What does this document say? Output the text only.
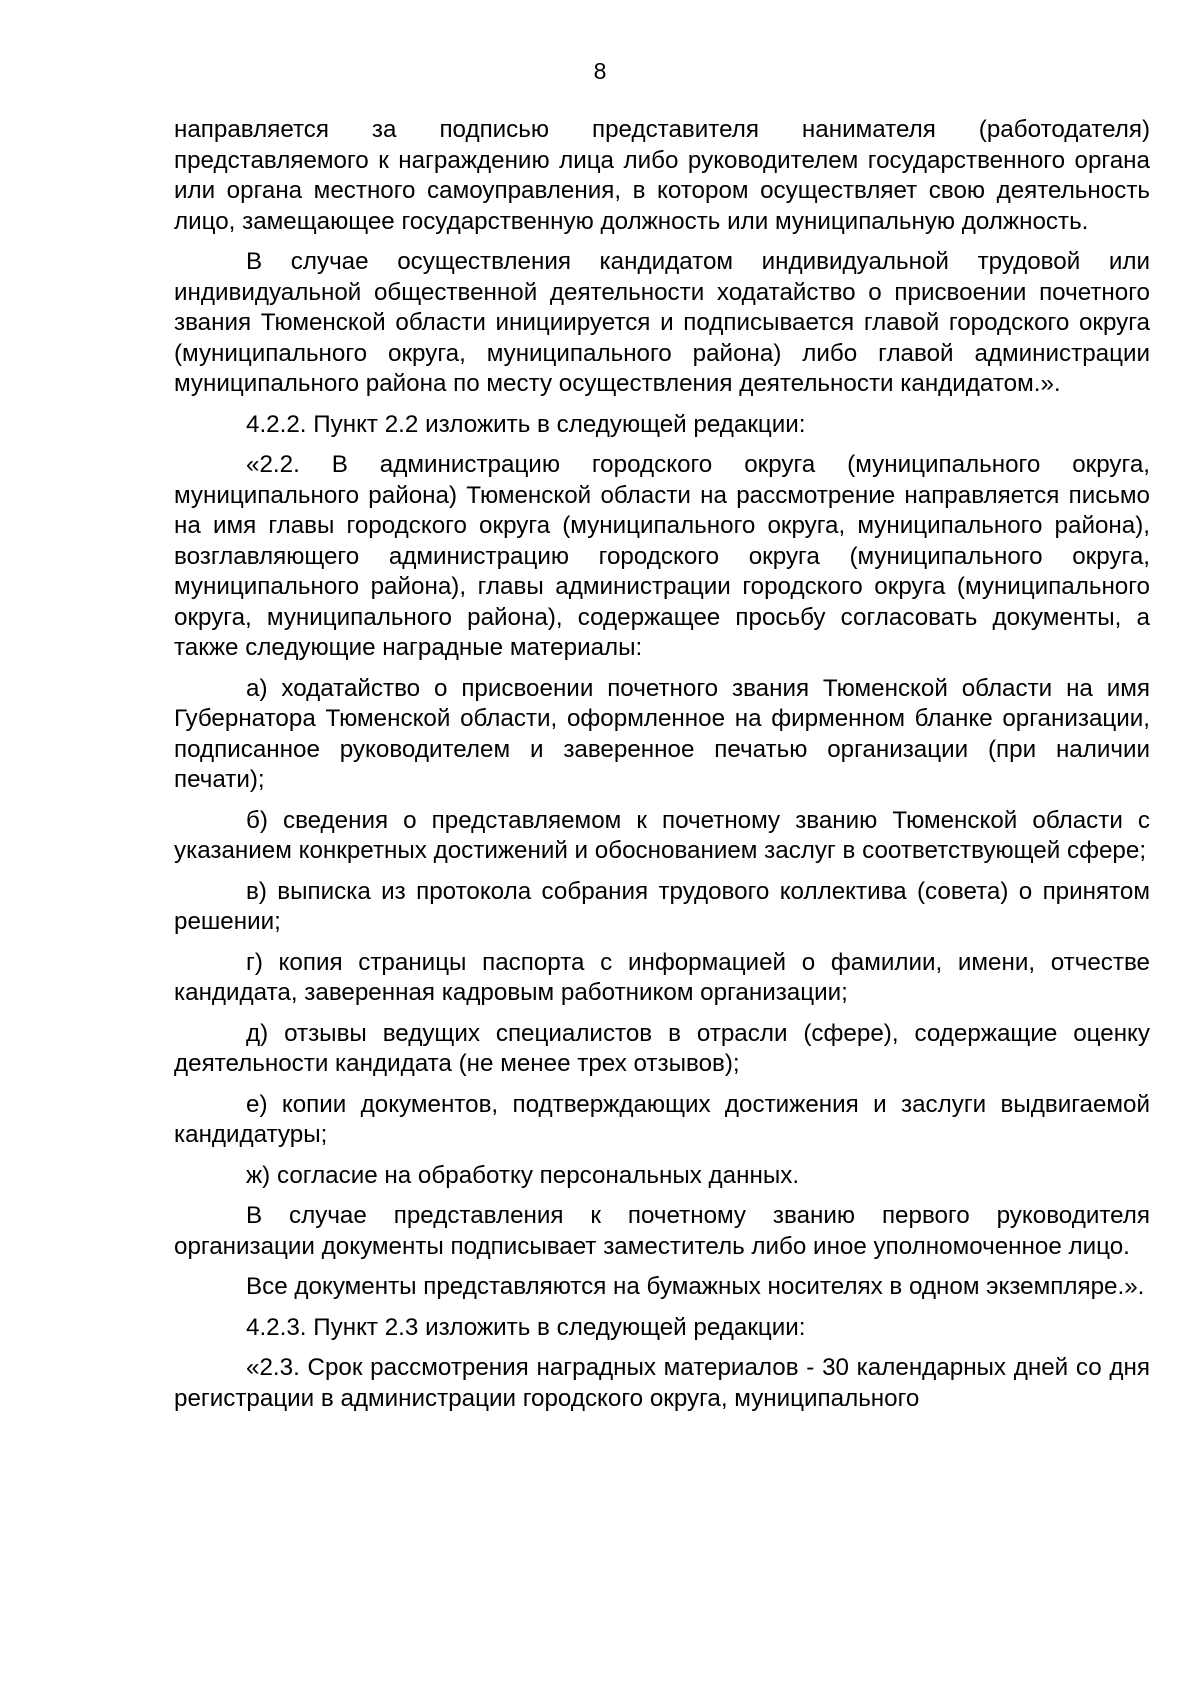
8

направляется за подписью представителя нанимателя (работодателя) представляемого к награждению лица либо руководителем государственного органа или органа местного самоуправления, в котором осуществляет свою деятельность лицо, замещающее государственную должность или муниципальную должность.

В случае осуществления кандидатом индивидуальной трудовой или индивидуальной общественной деятельности ходатайство о присвоении почетного звания Тюменской области инициируется и подписывается главой городского округа (муниципального округа, муниципального района) либо главой администрации муниципального района по месту осуществления деятельности кандидатом.».

4.2.2. Пункт 2.2 изложить в следующей редакции:

«2.2. В администрацию городского округа (муниципального округа, муниципального района) Тюменской области на рассмотрение направляется письмо на имя главы городского округа (муниципального округа, муниципального района), возглавляющего администрацию городского округа (муниципального округа, муниципального района), главы администрации городского округа (муниципального округа, муниципального района), содержащее просьбу согласовать документы, а также следующие наградные материалы:

а) ходатайство о присвоении почетного звания Тюменской области на имя Губернатора Тюменской области, оформленное на фирменном бланке организации, подписанное руководителем и заверенное печатью организации (при наличии печати);

б) сведения о представляемом к почетному званию Тюменской области с указанием конкретных достижений и обоснованием заслуг в соответствующей сфере;

в) выписка из протокола собрания трудового коллектива (совета) о принятом решении;

г) копия страницы паспорта с информацией о фамилии, имени, отчестве кандидата, заверенная кадровым работником организации;

д) отзывы ведущих специалистов в отрасли (сфере), содержащие оценку деятельности кандидата (не менее трех отзывов);

е) копии документов, подтверждающих достижения и заслуги выдвигаемой кандидатуры;

ж) согласие на обработку персональных данных.

В случае представления к почетному званию первого руководителя организации документы подписывает заместитель либо иное уполномоченное лицо.

Все документы представляются на бумажных носителях в одном экземпляре.».

4.2.3. Пункт 2.3 изложить в следующей редакции:

«2.3. Срок рассмотрения наградных материалов - 30 календарных дней со дня регистрации в администрации городского округа, муниципального
